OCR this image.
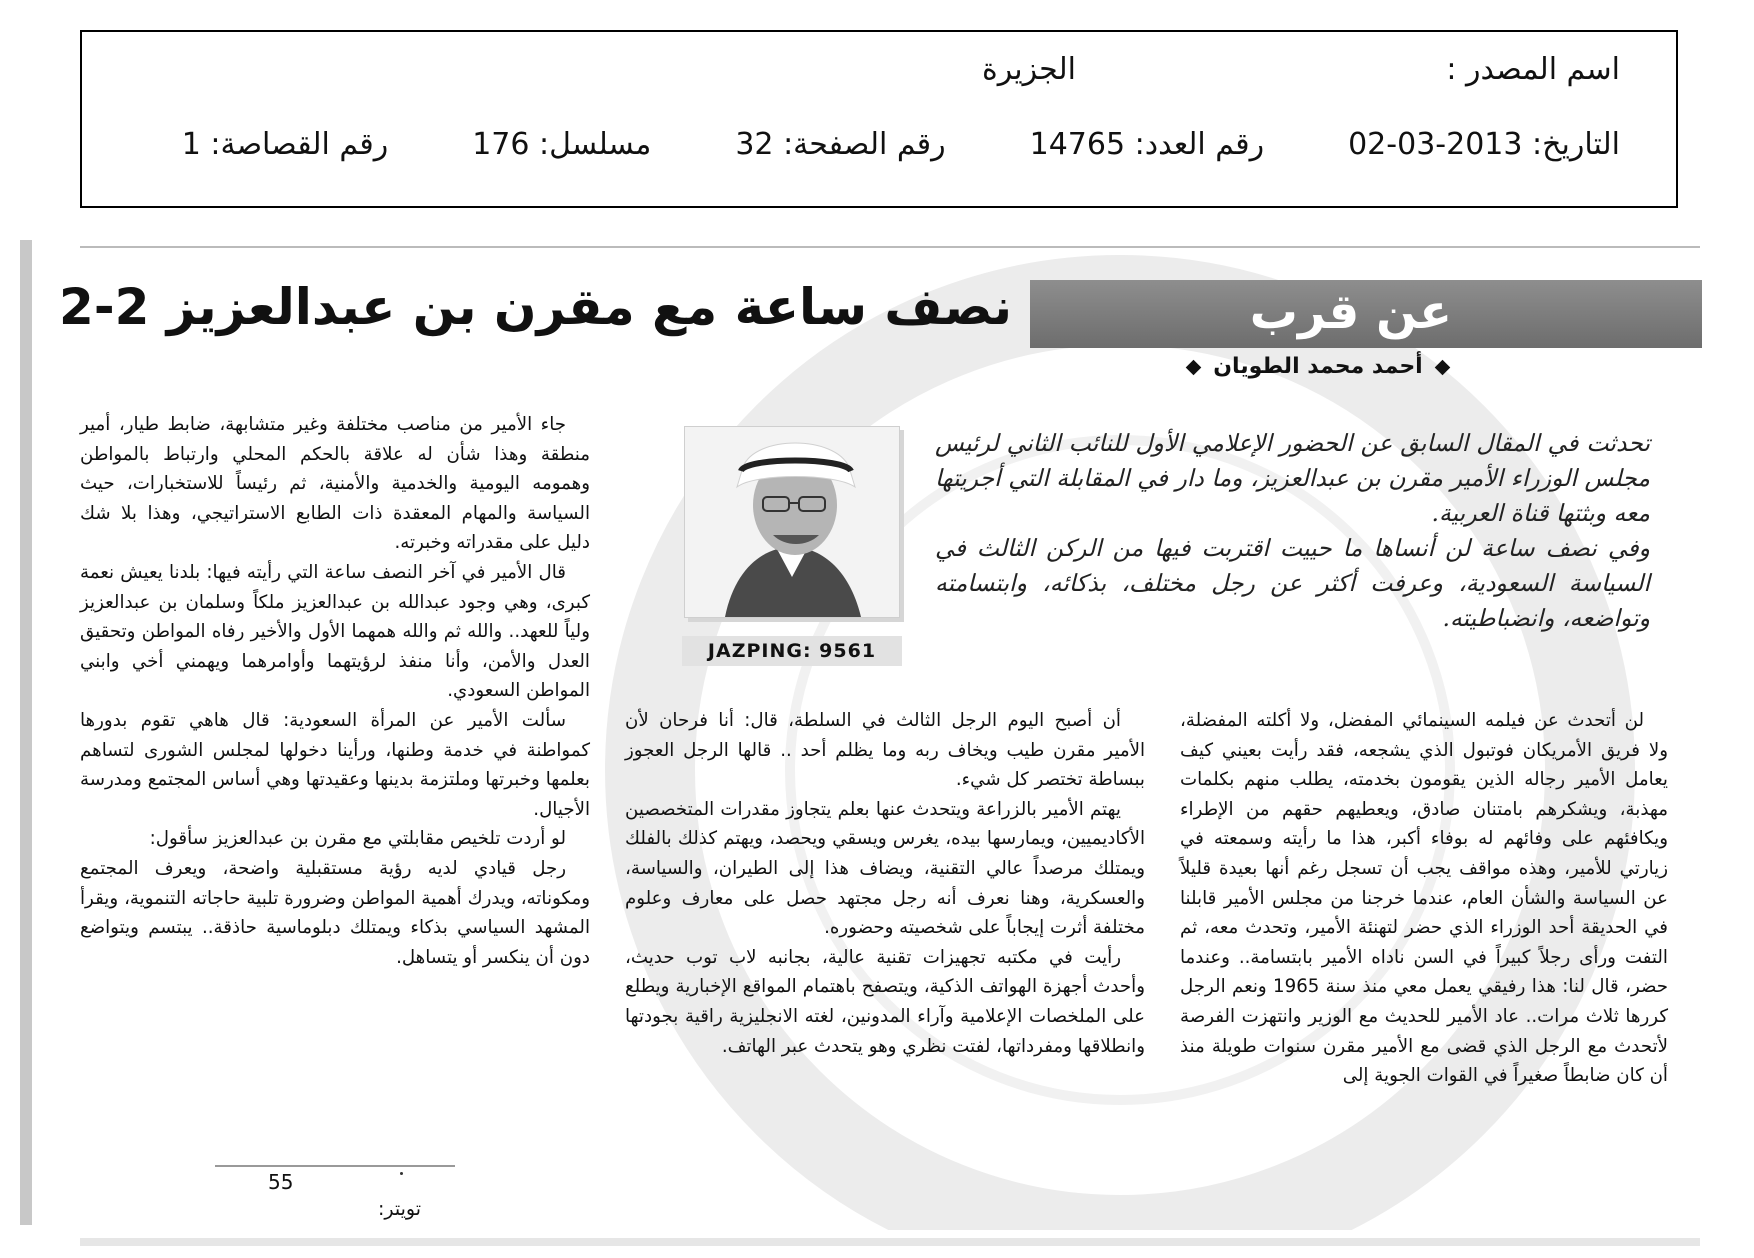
اسم المصدر :
الجزيرة
التاريخ: 2013-03-02
رقم العدد: 14765
رقم الصفحة: 32
مسلسل: 176
رقم القصاصة: 1
نصف ساعة مع مقرن بن عبدالعزيز 2-2	عن قرب
أحمد محمد الطويان
JAZPING: 9561

تحدثت في المقال السابق عن الحضور الإعلامي الأول للنائب الثاني لرئيس مجلس الوزراء الأمير مقرن بن عبدالعزيز، وما دار في المقابلة التي أجريتها معه وبثتها قناة العربية.

وفي نصف ساعة لن أنساها ما حييت اقتربت فيها من الركن الثالث في السياسة السعودية، وعرفت أكثر عن رجل مختلف، بذكائه، وابتسامته وتواضعه، وانضباطيته.

لن أتحدث عن فيلمه السينمائي المفضل، ولا أكلته المفضلة، ولا فريق الأمريكان فوتبول الذي يشجعه، فقد رأيت بعيني كيف يعامل الأمير رجاله الذين يقومون بخدمته، يطلب منهم بكلمات مهذبة، ويشكرهم بامتنان صادق، ويعطيهم حقهم من الإطراء ويكافئهم على وفائهم له بوفاء أكبر، هذا ما رأيته وسمعته في زيارتي للأمير، وهذه مواقف يجب أن تسجل رغم أنها بعيدة قليلاً عن السياسة والشأن العام، عندما خرجنا من مجلس الأمير قابلنا في الحديقة أحد الوزراء الذي حضر لتهنئة الأمير، وتحدث معه، ثم التفت ورأى رجلاً كبيراً في السن ناداه الأمير بابتسامة.. وعندما حضر، قال لنا: هذا رفيقي يعمل معي منذ سنة 1965 ونعم الرجل كررها ثلاث مرات.. عاد الأمير للحديث مع الوزير وانتهزت الفرصة لأتحدث مع الرجل الذي قضى مع الأمير مقرن سنوات طويلة منذ أن كان ضابطاً صغيراً في القوات الجوية إلى

أن أصبح اليوم الرجل الثالث في السلطة، قال: أنا فرحان لأن الأمير مقرن طيب ويخاف ربه وما يظلم أحد .. قالها الرجل العجوز ببساطة تختصر كل شيء.

يهتم الأمير بالزراعة ويتحدث عنها بعلم يتجاوز مقدرات المتخصصين الأكاديميين، ويمارسها بيده، يغرس ويسقي ويحصد، ويهتم كذلك بالفلك ويمتلك مرصداً عالي التقنية، ويضاف هذا إلى الطيران، والسياسة، والعسكرية، وهنا نعرف أنه رجل مجتهد حصل على معارف وعلوم مختلفة أثرت إيجاباً على شخصيته وحضوره.

رأيت في مكتبه تجهيزات تقنية عالية، بجانبه لاب توب حديث، وأحدث أجهزة الهواتف الذكية، ويتصفح باهتمام المواقع الإخبارية ويطلع على الملخصات الإعلامية وآراء المدونين، لغته الانجليزية راقية بجودتها وانطلاقها ومفرداتها، لفتت نظري وهو يتحدث عبر الهاتف.

جاء الأمير من مناصب مختلفة وغير متشابهة، ضابط طيار، أمير منطقة وهذا شأن له علاقة بالحكم المحلي وارتباط بالمواطن وهمومه اليومية والخدمية والأمنية، ثم رئيساً للاستخبارات، حيث السياسة والمهام المعقدة ذات الطابع الاستراتيجي، وهذا بلا شك دليل على مقدراته وخبرته.

قال الأمير في آخر النصف ساعة التي رأيته فيها: بلدنا يعيش نعمة كبرى، وهي وجود عبدالله بن عبدالعزيز ملكاً وسلمان بن عبدالعزيز ولياً للعهد.. والله ثم والله همهما الأول والأخير رفاه المواطن وتحقيق العدل والأمن، وأنا منفذ لرؤيتهما وأوامرهما ويهمني أخي وابني المواطن السعودي.

سألت الأمير عن المرأة السعودية: قال هاهي تقوم بدورها كمواطنة في خدمة وطنها، ورأينا دخولها لمجلس الشورى لتساهم بعلمها وخبرتها وملتزمة بدينها وعقيدتها وهي أساس المجتمع ومدرسة الأجيال.

لو أردت تلخيص مقابلتي مع مقرن بن عبدالعزيز سأقول:

رجل قيادي لديه رؤية مستقبلية واضحة، ويعرف المجتمع ومكوناته، ويدرك أهمية المواطن وضرورة تلبية حاجاته التنموية، ويقرأ المشهد السياسي بذكاء ويمتلك دبلوماسية حاذقة.. يبتسم ويتواضع دون أن ينكسر أو يتساهل.

55
تويتر:
